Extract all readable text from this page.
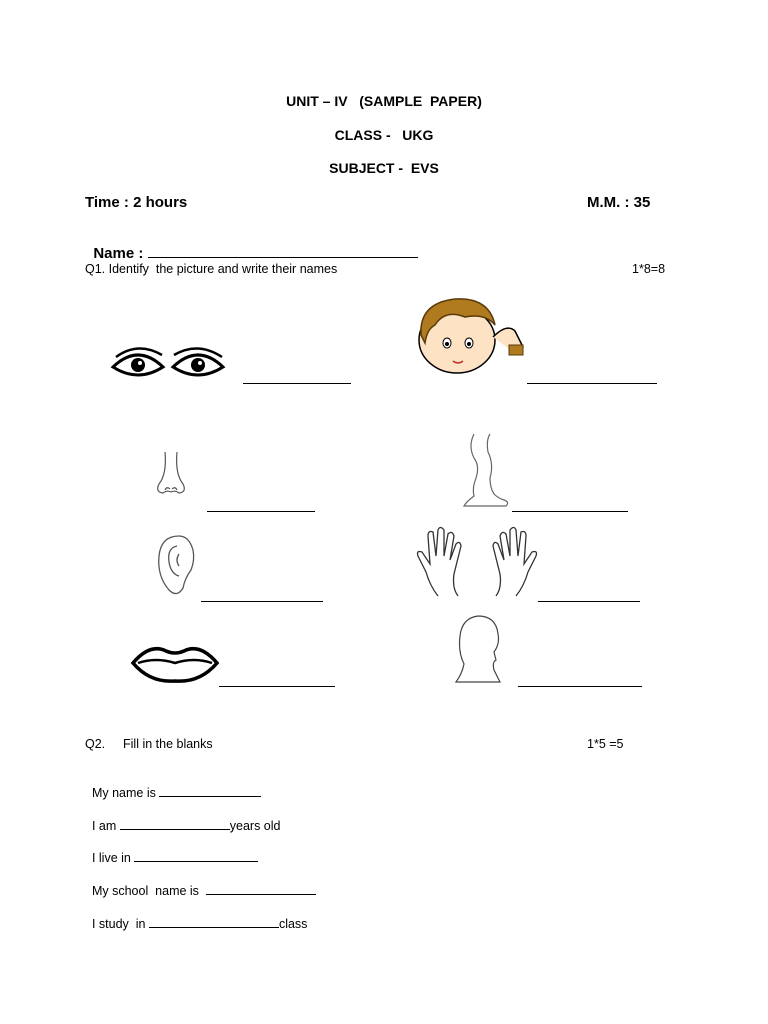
UNIT – IV   (SAMPLE  PAPER)
CLASS -   UKG
SUBJECT -  EVS
Time : 2 hours	M.M. : 35

Name :

Q1. Identify  the picture and write their names	1*8=8
Q2. Fill in the blanks	1*5 =5

My name is

I am	years old

I live in

My school  name is

I study  in	class
